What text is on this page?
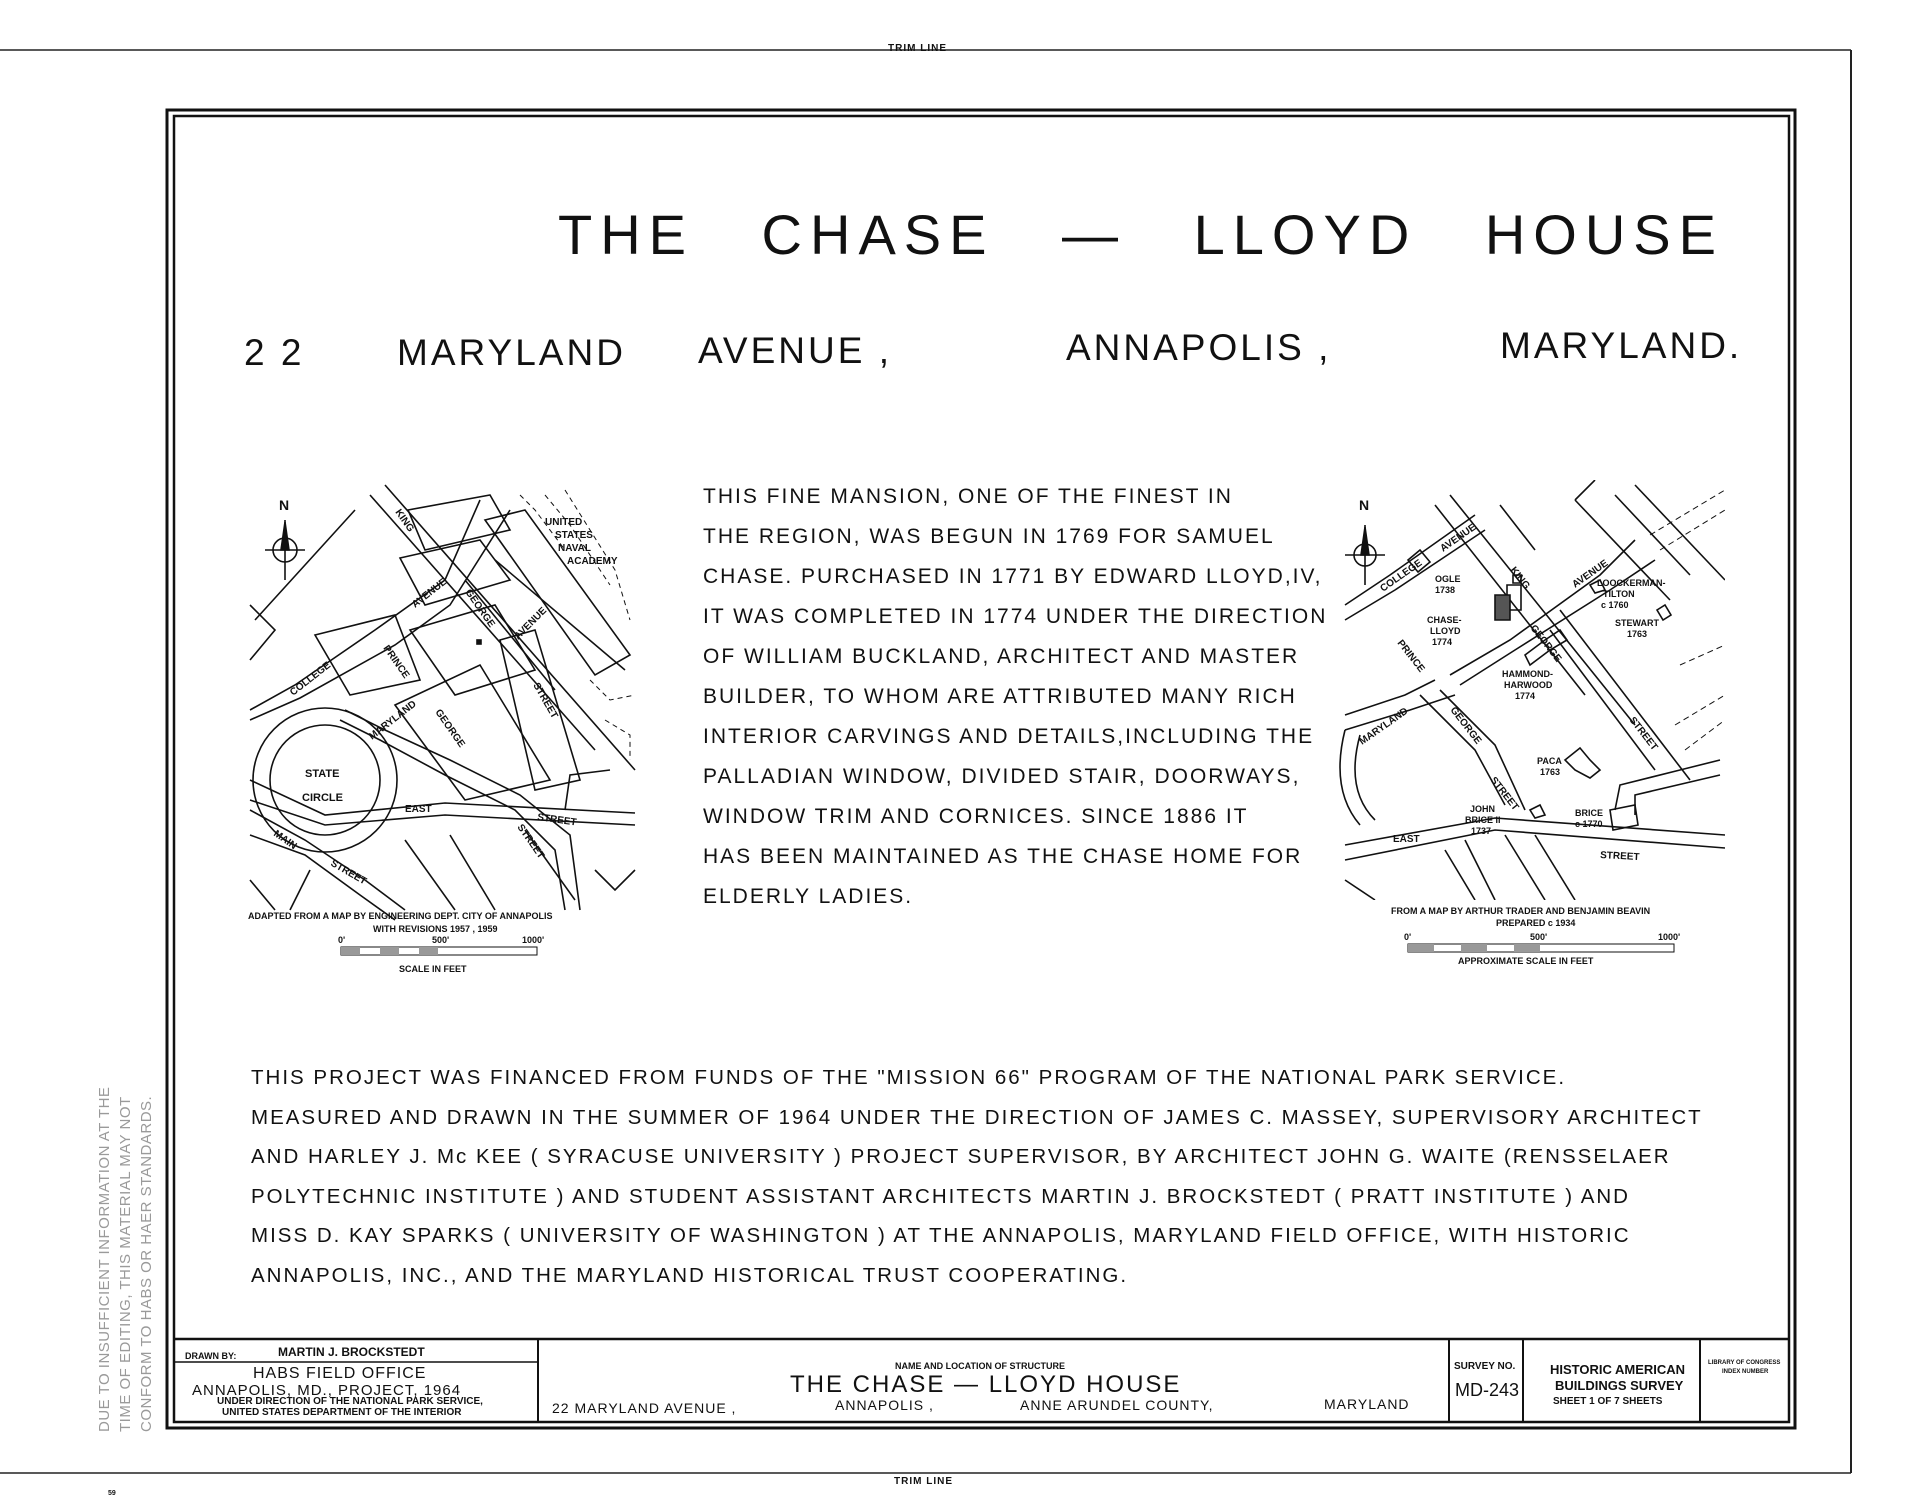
TRIM LINE
TRIM LINE
THE CHASE — LLOYD HOUSE
2 2	MARYLAND AVENUE ,	ANNAPOLIS ,	MARYLAND.
THIS FINE MANSION, ONE OF THE FINEST IN
THE REGION, WAS BEGUN IN 1769 FOR SAMUEL
CHASE. PURCHASED IN 1771 BY EDWARD LLOYD,IV,
IT WAS COMPLETED IN 1774 UNDER THE DIRECTION
OF WILLIAM BUCKLAND, ARCHITECT AND MASTER
BUILDER, TO WHOM ARE ATTRIBUTED MANY RICH
INTERIOR CARVINGS AND DETAILS,INCLUDING THE
PALLADIAN WINDOW, DIVIDED STAIR, DOORWAYS,
WINDOW TRIM AND CORNICES. SINCE 1886 IT
HAS BEEN MAINTAINED AS THE CHASE HOME FOR
ELDERLY LADIES.
N
UNITED
STATES
NAVAL
ACADEMY
KING
AVENUE
COLLEGE	PRINCE
GEORGE AVENUE
STREET
MARYLAND GEORGE
STATE
CIRCLE
EAST
STREET
STREET
MAIN
STREET
ADAPTED FROM A MAP BY ENGINEERING DEPT. CITY OF ANNAPOLIS
WITH REVISIONS 1957 , 1959
0'	500'	1000'
SCALE IN FEET
N
COLLEGE
AVENUE
KING	AVENUE
OGLE
1738
CHASE-
LLOYD
1774
PRINCE	GEORGE
HAMMOND-
HARWOOD
1774
LOOCKERMAN-
TILTON
c 1760
STEWART
1763
MARYLAND	GEORGE	STREET
PACA
1763
STREET
JOHN
BRICE II
1737
BRICE
c 1770
EAST
STREET
FROM A MAP BY ARTHUR TRADER AND BENJAMIN BEAVIN
PREPARED c 1934
0'	500'	1000'
APPROXIMATE SCALE IN FEET
THIS PROJECT WAS FINANCED FROM FUNDS OF THE "MISSION 66" PROGRAM OF THE NATIONAL PARK SERVICE.
MEASURED AND DRAWN IN THE SUMMER OF 1964 UNDER THE DIRECTION OF JAMES C. MASSEY, SUPERVISORY ARCHITECT
AND HARLEY J. Mc KEE ( SYRACUSE UNIVERSITY ) PROJECT SUPERVISOR, BY ARCHITECT JOHN G. WAITE (RENSSELAER
POLYTECHNIC INSTITUTE ) AND STUDENT ASSISTANT ARCHITECTS MARTIN J. BROCKSTEDT ( PRATT INSTITUTE ) AND
MISS D. KAY SPARKS ( UNIVERSITY OF WASHINGTON ) AT THE ANNAPOLIS, MARYLAND FIELD OFFICE, WITH HISTORIC
ANNAPOLIS, INC., AND THE MARYLAND HISTORICAL TRUST COOPERATING.
DRAWN BY:	MARTIN J. BROCKSTEDT
HABS FIELD OFFICE
ANNAPOLIS, MD., PROJECT, 1964
UNDER DIRECTION OF THE NATIONAL PARK SERVICE,
UNITED STATES DEPARTMENT OF THE INTERIOR
NAME AND LOCATION OF STRUCTURE
THE CHASE — LLOYD HOUSE
22 MARYLAND AVENUE ,	ANNAPOLIS ,	ANNE ARUNDEL COUNTY,	MARYLAND
SURVEY NO.
MD-243
HISTORIC AMERICAN
BUILDINGS SURVEY
SHEET 1 OF 7 SHEETS
LIBRARY OF CONGRESS
INDEX NUMBER
DUE TO INSUFFICIENT INFORMATION AT THE TIME OF EDITING, THIS MATERIAL MAY NOT CONFORM TO HABS OR HAER STANDARDS.
59
